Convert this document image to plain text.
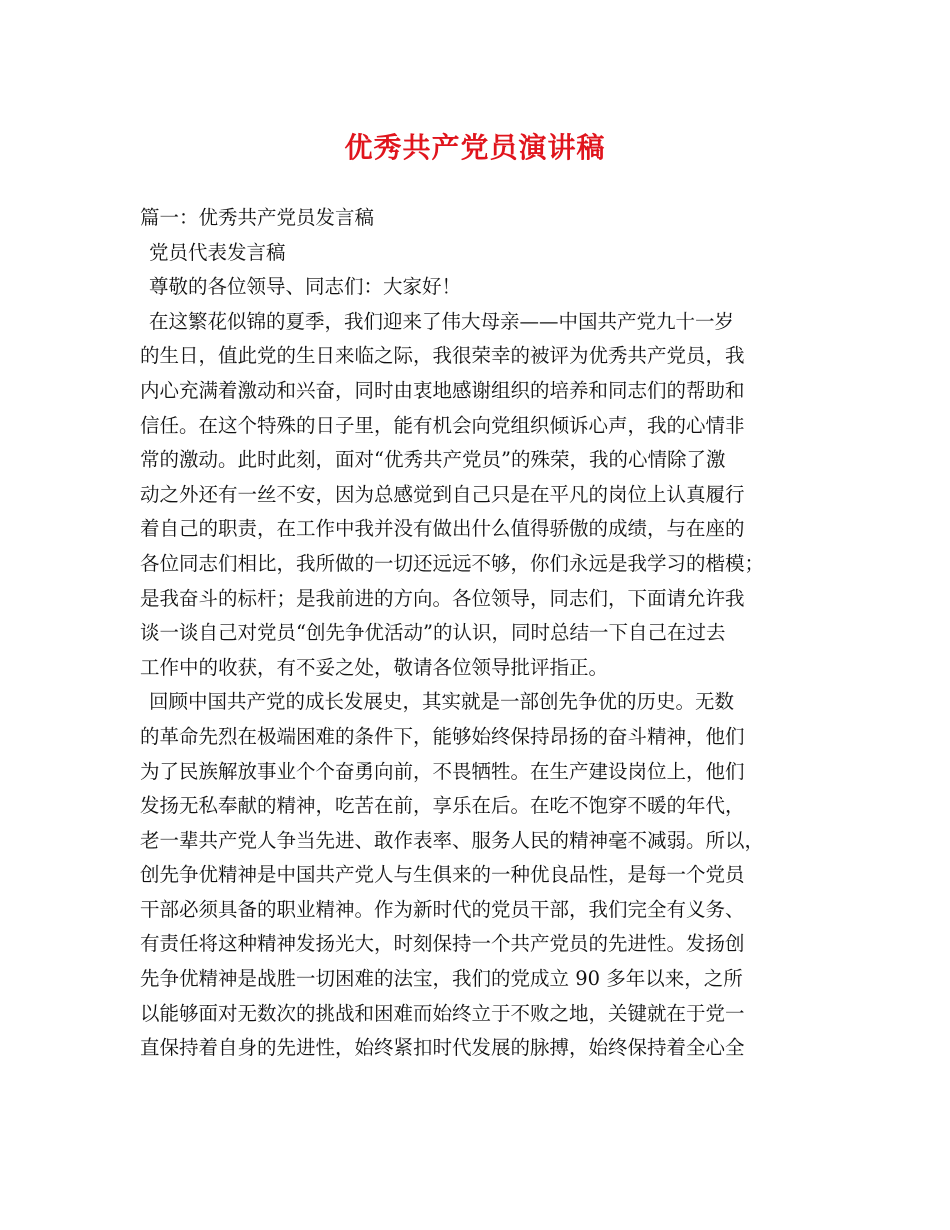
优秀共产党员演讲稿
篇一：优秀共产党员发言稿
党员代表发言稿
尊敬的各位领导、同志们：大家好！
在这繁花似锦的夏季，我们迎来了伟大母亲——中国共产党九十一岁
的生日，值此党的生日来临之际，我很荣幸的被评为优秀共产党员，我
内心充满着激动和兴奋，同时由衷地感谢组织的培养和同志们的帮助和
信任。在这个特殊的日子里，能有机会向党组织倾诉心声，我的心情非
常的激动。此时此刻，面对“优秀共产党员”的殊荣，我的心情除了激
动之外还有一丝不安，因为总感觉到自己只是在平凡的岗位上认真履行
着自己的职责，在工作中我并没有做出什么值得骄傲的成绩，与在座的
各位同志们相比，我所做的一切还远远不够，你们永远是我学习的楷模；
是我奋斗的标杆；是我前进的方向。各位领导，同志们，下面请允许我
谈一谈自己对党员“创先争优活动”的认识，同时总结一下自己在过去
工作中的收获，有不妥之处，敬请各位领导批评指正。
回顾中国共产党的成长发展史，其实就是一部创先争优的历史。无数
的革命先烈在极端困难的条件下，能够始终保持昂扬的奋斗精神，他们
为了民族解放事业个个奋勇向前，不畏牺牲。在生产建设岗位上，他们
发扬无私奉献的精神，吃苦在前，享乐在后。在吃不饱穿不暖的年代，
老一辈共产党人争当先进、敢作表率、服务人民的精神毫不减弱。所以，
创先争优精神是中国共产党人与生俱来的一种优良品性，是每一个党员
干部必须具备的职业精神。作为新时代的党员干部，我们完全有义务、
有责任将这种精神发扬光大，时刻保持一个共产党员的先进性。发扬创
先争优精神是战胜一切困难的法宝，我们的党成立 90 多年以来，之所
以能够面对无数次的挑战和困难而始终立于不败之地，关键就在于党一
直保持着自身的先进性，始终紧扣时代发展的脉搏，始终保持着全心全
